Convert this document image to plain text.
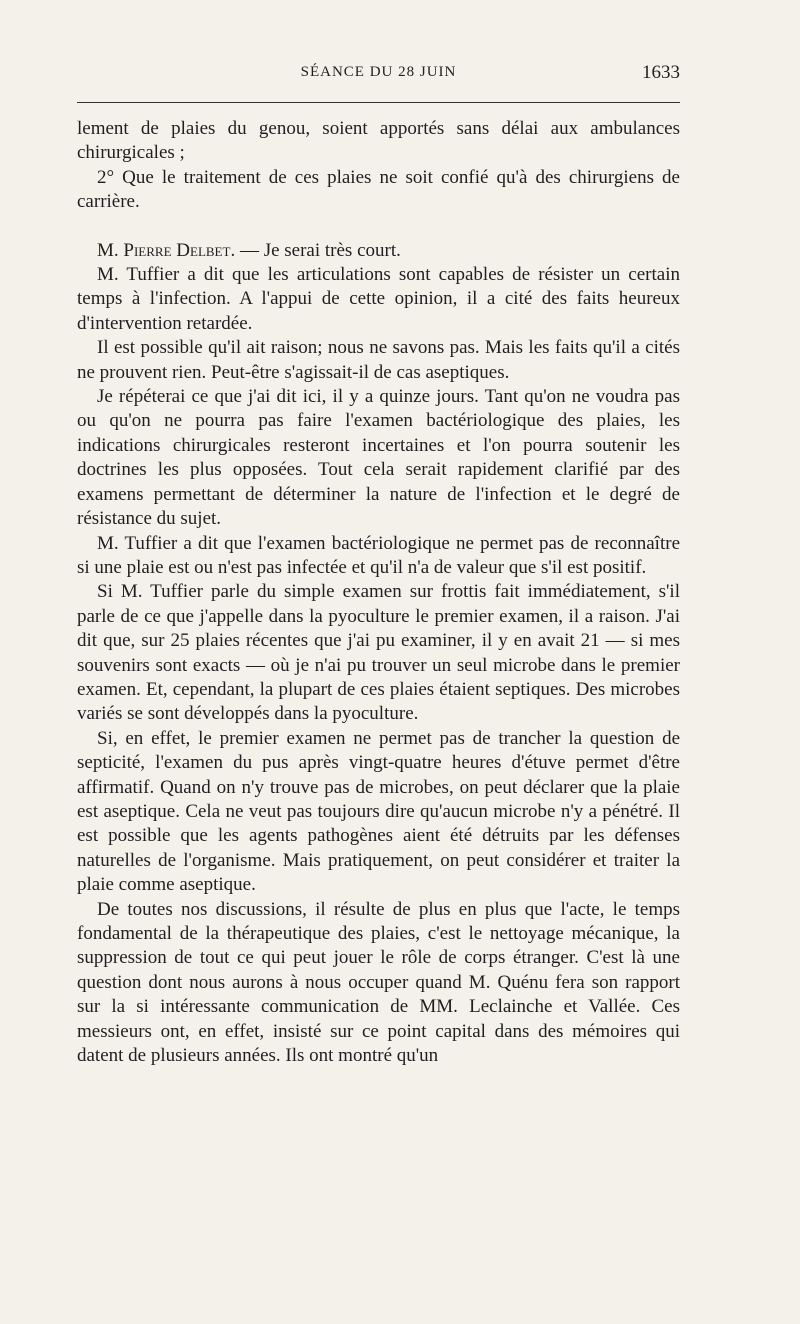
SÉANCE DU 28 JUIN	1633

lement de plaies du genou, soient apportés sans délai aux ambulances chirurgicales ;

2° Que le traitement de ces plaies ne soit confié qu'à des chirurgiens de carrière.

M. Pierre Delbet. — Je serai très court.

M. Tuffier a dit que les articulations sont capables de résister un certain temps à l'infection. A l'appui de cette opinion, il a cité des faits heureux d'intervention retardée.

Il est possible qu'il ait raison; nous ne savons pas. Mais les faits qu'il a cités ne prouvent rien. Peut-être s'agissait-il de cas aseptiques.

Je répéterai ce que j'ai dit ici, il y a quinze jours. Tant qu'on ne voudra pas ou qu'on ne pourra pas faire l'examen bactériologique des plaies, les indications chirurgicales resteront incertaines et l'on pourra soutenir les doctrines les plus opposées. Tout cela serait rapidement clarifié par des examens permettant de déterminer la nature de l'infection et le degré de résistance du sujet.

M. Tuffier a dit que l'examen bactériologique ne permet pas de reconnaître si une plaie est ou n'est pas infectée et qu'il n'a de valeur que s'il est positif.

Si M. Tuffier parle du simple examen sur frottis fait immédiatement, s'il parle de ce que j'appelle dans la pyoculture le premier examen, il a raison. J'ai dit que, sur 25 plaies récentes que j'ai pu examiner, il y en avait 21 — si mes souvenirs sont exacts — où je n'ai pu trouver un seul microbe dans le premier examen. Et, cependant, la plupart de ces plaies étaient septiques. Des microbes variés se sont développés dans la pyoculture.

Si, en effet, le premier examen ne permet pas de trancher la question de septicité, l'examen du pus après vingt-quatre heures d'étuve permet d'être affirmatif. Quand on n'y trouve pas de microbes, on peut déclarer que la plaie est aseptique. Cela ne veut pas toujours dire qu'aucun microbe n'y a pénétré. Il est possible que les agents pathogènes aient été détruits par les défenses naturelles de l'organisme. Mais pratiquement, on peut considérer et traiter la plaie comme aseptique.

De toutes nos discussions, il résulte de plus en plus que l'acte, le temps fondamental de la thérapeutique des plaies, c'est le nettoyage mécanique, la suppression de tout ce qui peut jouer le rôle de corps étranger. C'est là une question dont nous aurons à nous occuper quand M. Quénu fera son rapport sur la si intéressante communication de MM. Leclainche et Vallée. Ces messieurs ont, en effet, insisté sur ce point capital dans des mémoires qui datent de plusieurs années. Ils ont montré qu'un
